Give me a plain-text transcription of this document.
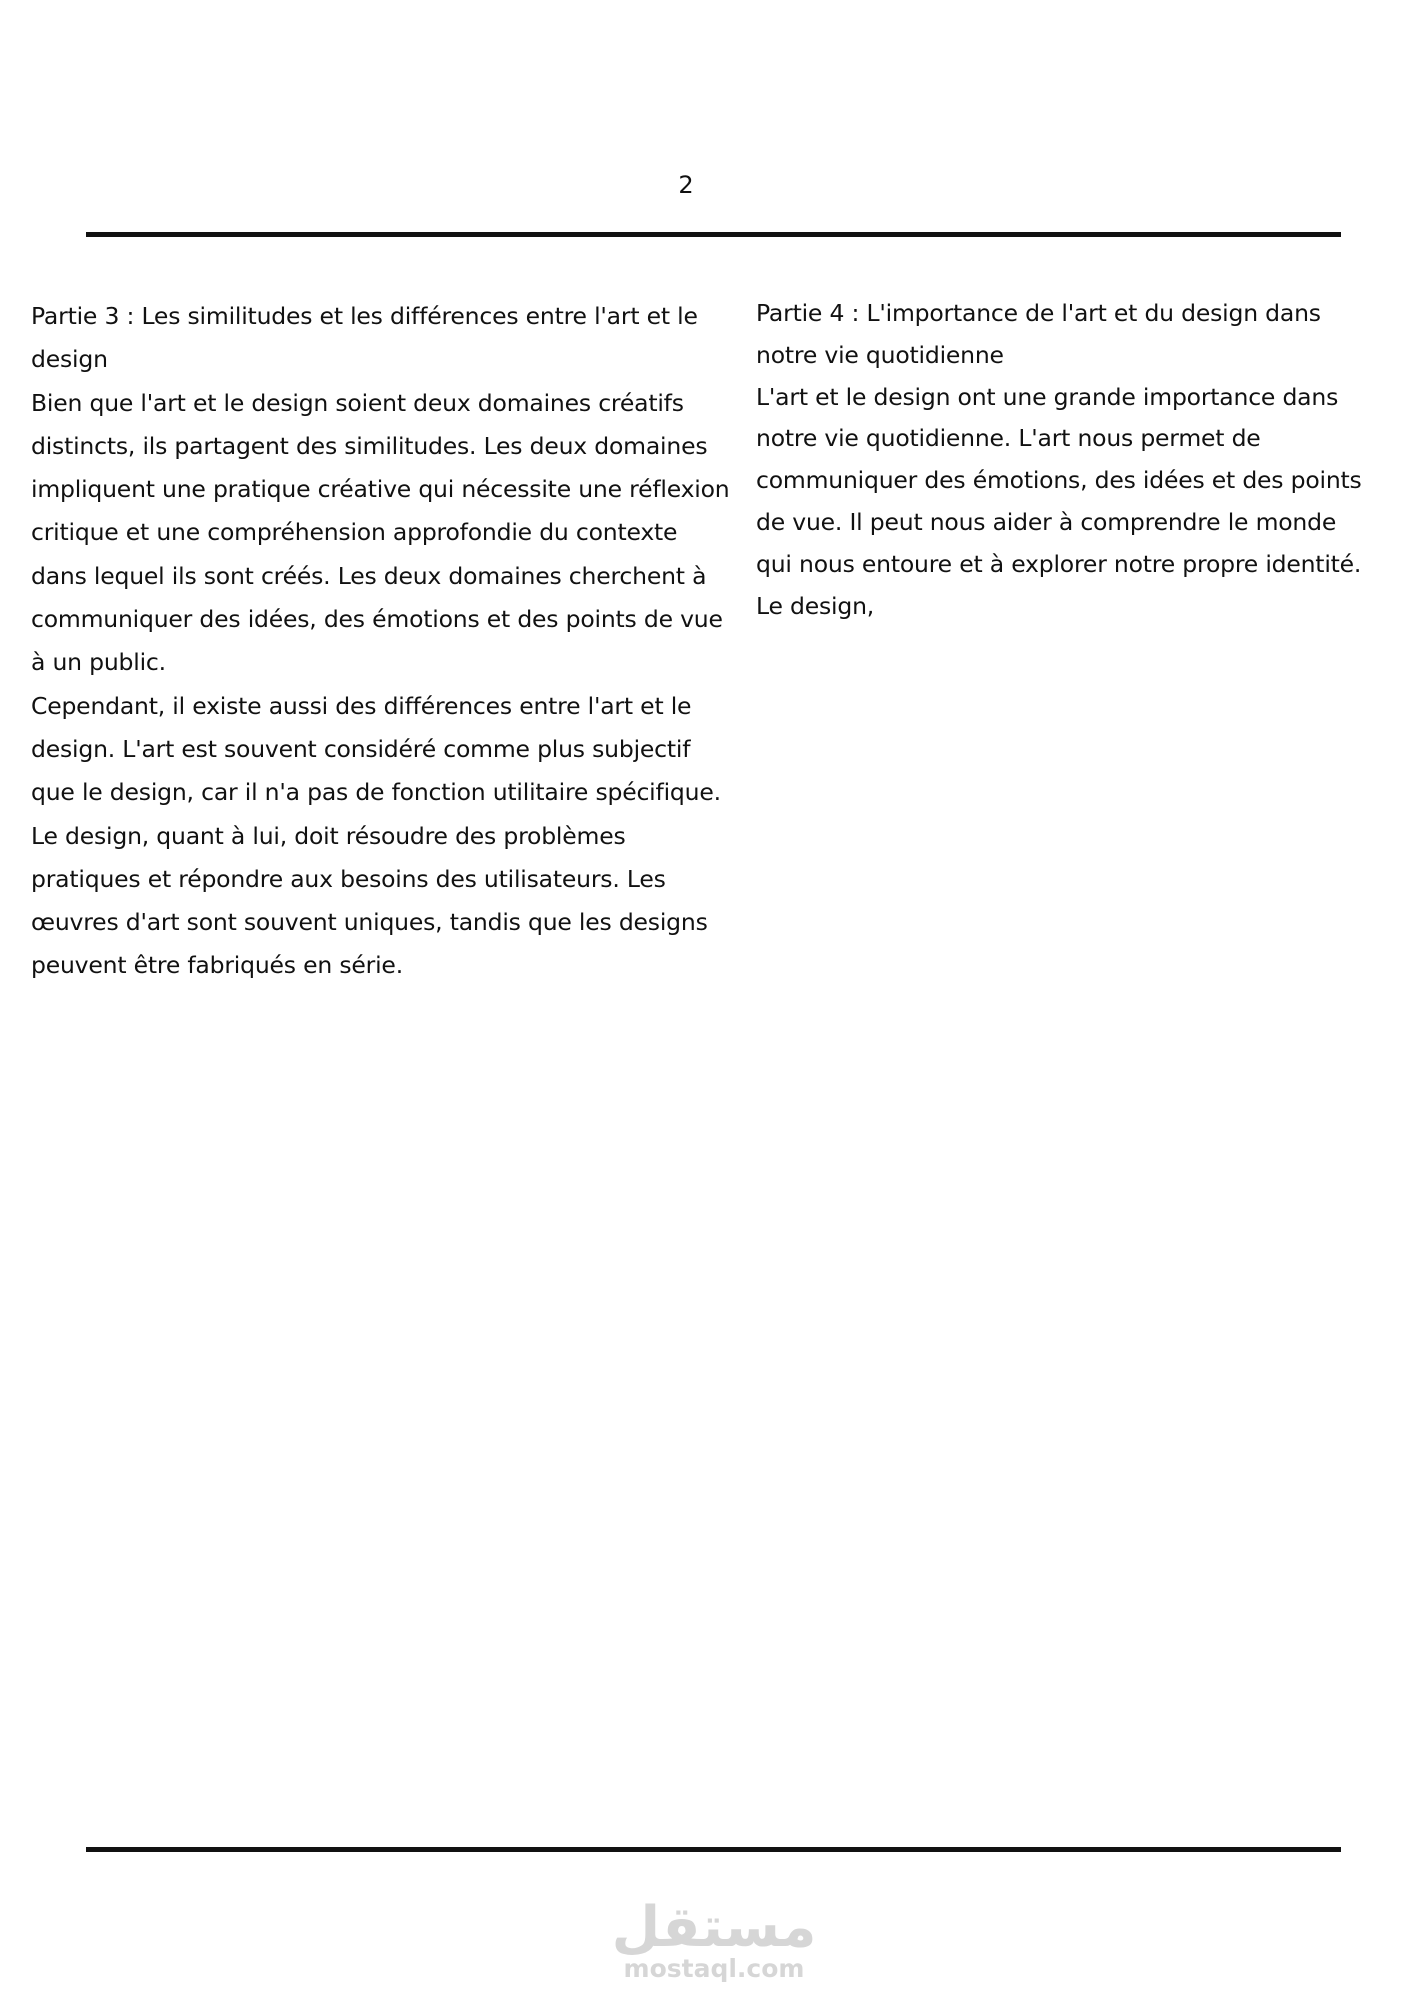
2

Partie 3 : Les similitudes et les différences entre l'art et le design

Bien que l'art et le design soient deux domaines créatifs distincts, ils partagent des similitudes. Les deux domaines impliquent une pratique créative qui nécessite une réflexion critique et une compréhension approfondie du contexte dans lequel ils sont créés. Les deux domaines cherchent à communiquer des idées, des émotions et des points de vue à un public.

Cependant, il existe aussi des différences entre l'art et le design. L'art est souvent considéré comme plus subjectif que le design, car il n'a pas de fonction utilitaire spécifique. Le design, quant à lui, doit résoudre des problèmes pratiques et répondre aux besoins des utilisateurs. Les œuvres d'art sont souvent uniques, tandis que les designs peuvent être fabriqués en série.

Partie 4 : L'importance de l'art et du design dans notre vie quotidienne

L'art et le design ont une grande importance dans notre vie quotidienne. L'art nous permet de communiquer des émotions, des idées et des points de vue. Il peut nous aider à comprendre le monde qui nous entoure et à explorer notre propre identité. Le design,

مستقل
mostaql.com
